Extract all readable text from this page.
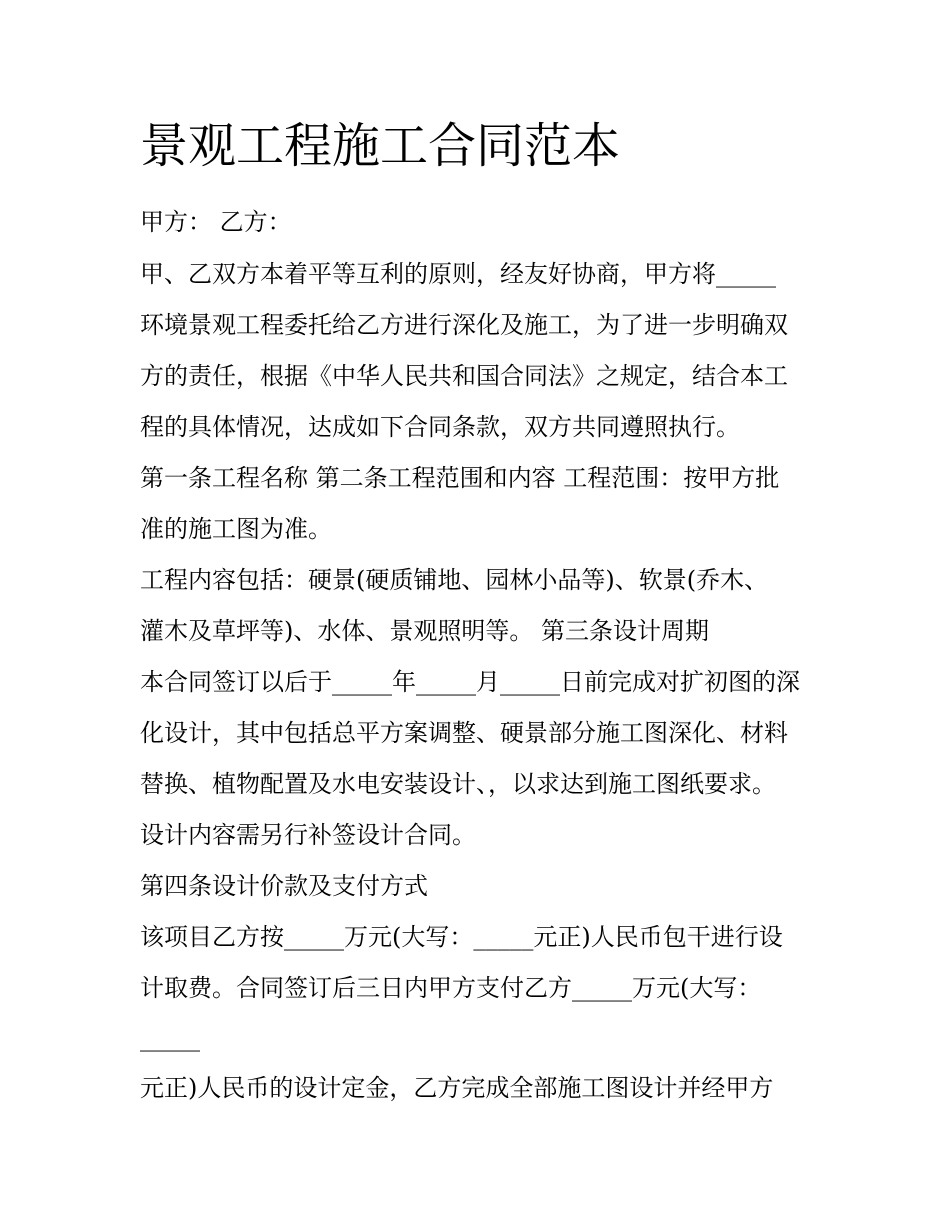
景观工程施工合同范本

甲方： 乙方：

甲、乙双方本着平等互利的原则，经友好协商，甲方将_____

环境景观工程委托给乙方进行深化及施工，为了进一步明确双

方的责任，根据《中华人民共和国合同法》之规定，结合本工

程的具体情况，达成如下合同条款，双方共同遵照执行。

第一条工程名称 第二条工程范围和内容 工程范围：按甲方批

准的施工图为准。

工程内容包括：硬景(硬质铺地、园林小品等)、软景(乔木、

灌木及草坪等)、水体、景观照明等。 第三条设计周期

本合同签订以后于_____年_____月_____日前完成对扩初图的深

化设计，其中包括总平方案调整、硬景部分施工图深化、材料

替换、植物配置及水电安装设计、，以求达到施工图纸要求。

设计内容需另行补签设计合同。

第四条设计价款及支付方式

该项目乙方按_____万元(大写：_____元正)人民币包干进行设

计取费。合同签订后三日内甲方支付乙方_____万元(大写：

_____

元正)人民币的设计定金，乙方完成全部施工图设计并经甲方
